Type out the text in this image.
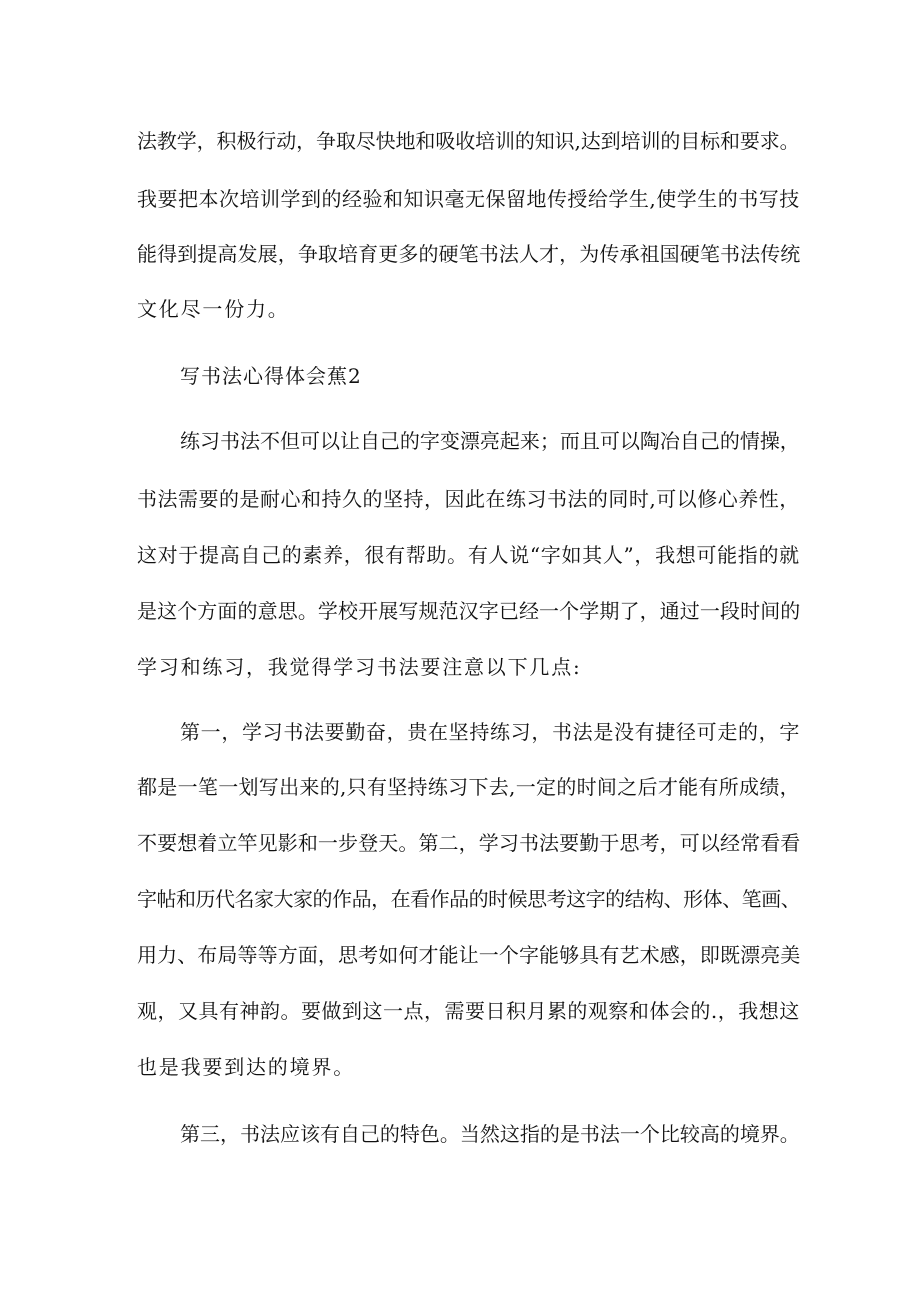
法教学，积极行动，争取尽快地和吸收培训的知识,达到培训的目标和要求。
我要把本次培训学到的经验和知识毫无保留地传授给学生,使学生的书写技
能得到提高发展，争取培育更多的硬笔书法人才，为传承祖国硬笔书法传统
文化尽一份力。
写书法心得体会蕉2
练习书法不但可以让自己的字变漂亮起来；而且可以陶冶自己的情操，
书法需要的是耐心和持久的坚持，因此在练习书法的同时,可以修心养性，
这对于提高自己的素养，很有帮助。有人说“字如其人”，我想可能指的就
是这个方面的意思。学校开展写规范汉字已经一个学期了，通过一段时间的
学习和练习，我觉得学习书法要注意以下几点:
第一，学习书法要勤奋，贵在坚持练习，书法是没有捷径可走的，字
都是一笔一划写出来的,只有坚持练习下去,一定的时间之后才能有所成绩，
不要想着立竿见影和一步登天。第二，学习书法要勤于思考，可以经常看看
字帖和历代名家大家的作品，在看作品的时候思考这字的结构、形体、笔画、
用力、布局等等方面，思考如何才能让一个字能够具有艺术感，即既漂亮美
观，又具有神韵。要做到这一点，需要日积月累的观察和体会的.，我想这
也是我要到达的境界。
第三，书法应该有自己的特色。当然这指的是书法一个比较高的境界。
